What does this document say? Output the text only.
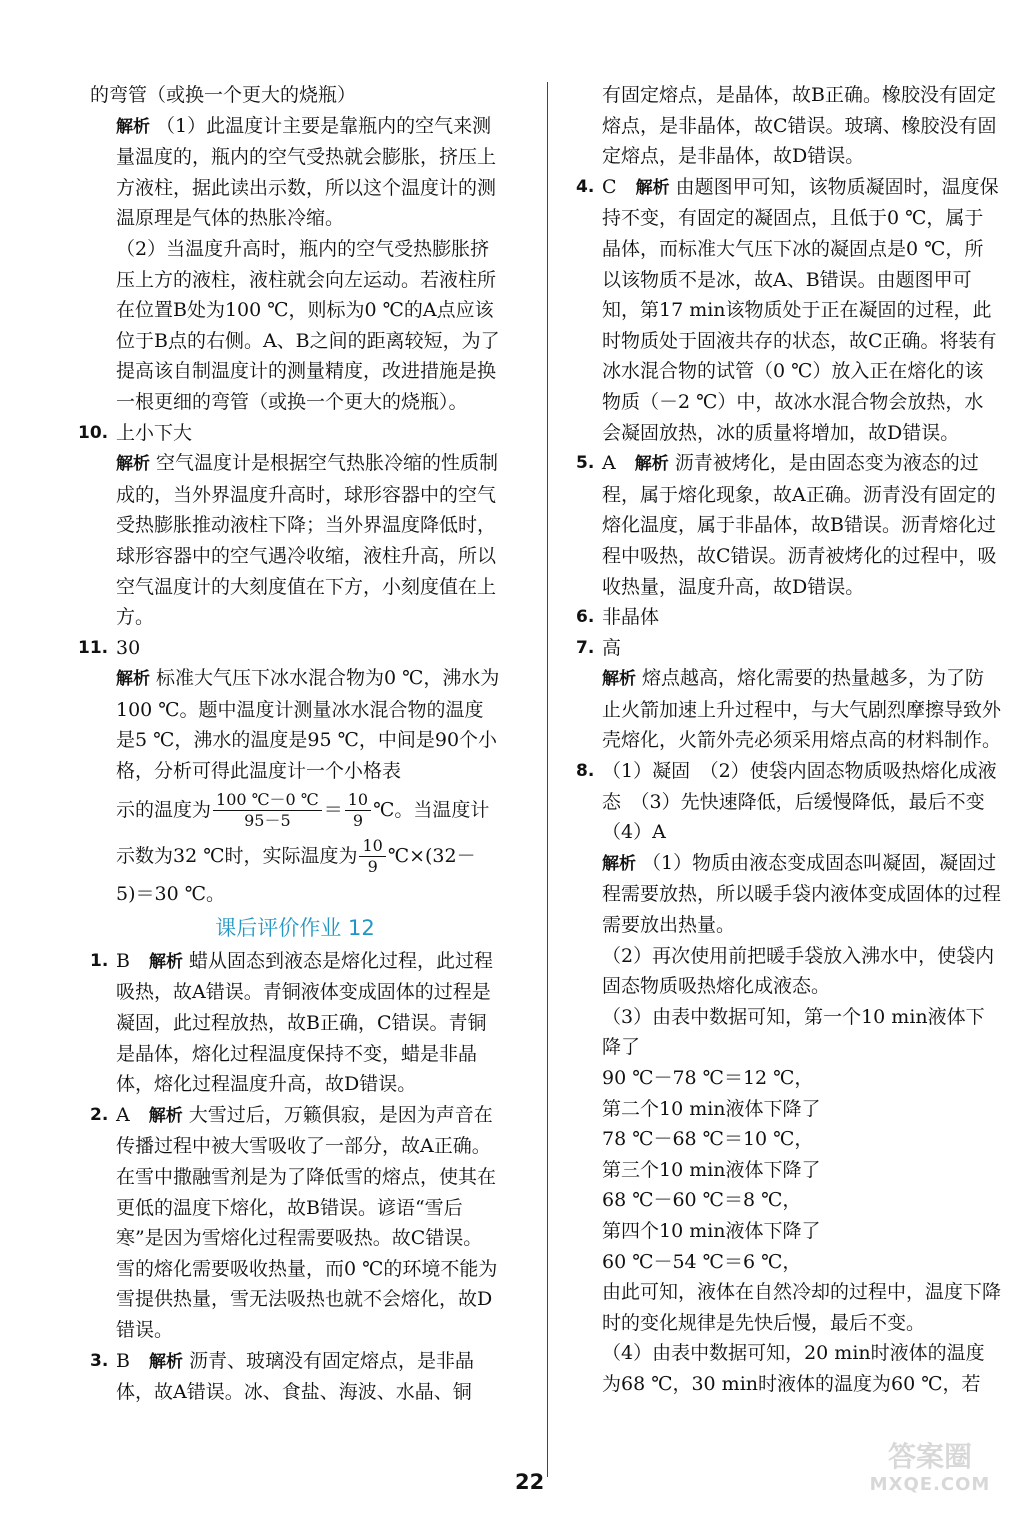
的弯管（或换一个更大的烧瓶）

解析 （1）此温度计主要是靠瓶内的空气来测量温度的，瓶内的空气受热就会膨胀，挤压上方液柱，据此读出示数，所以这个温度计的测温原理是气体的热胀冷缩。

（2）当温度升高时，瓶内的空气受热膨胀挤压上方的液柱，液柱就会向左运动。若液柱所在位置B处为100 ℃，则标为0 ℃的A点应该位于B点的右侧。A、B之间的距离较短，为了提高该自制温度计的测量精度，改进措施是换一根更细的弯管（或换一个更大的烧瓶）。

10. 上小下大

解析 空气温度计是根据空气热胀冷缩的性质制成的，当外界温度升高时，球形容器中的空气受热膨胀推动液柱下降；当外界温度降低时，球形容器中的空气遇冷收缩，液柱升高，所以空气温度计的大刻度值在下方，小刻度值在上方。

11. 30

解析 标准大气压下冰水混合物为0 ℃，沸水为100 ℃。题中温度计测量冰水混合物的温度是5 ℃，沸水的温度是95 ℃，中间是90个小格，分析可得此温度计一个小格表

示的温度为 $\frac{100 ℃-0 ℃}{95-5} = \frac{10}{9}$ ℃。当温度计

示数为32 ℃时，实际温度为 $\frac{10}{9}$ ℃×(32－

5)＝30 ℃。

课后评价作业 12
1. B　 解析 蜡从固态到液态是熔化过程，此过程吸热，故A错误。青铜液体变成固体的过程是凝固，此过程放热，故B正确，C错误。青铜是晶体，熔化过程温度保持不变，蜡是非晶体，熔化过程温度升高，故D错误。

2. A　 解析 大雪过后，万籁俱寂，是因为声音在传播过程中被大雪吸收了一部分，故A正确。在雪中撒融雪剂是为了降低雪的熔点，使其在更低的温度下熔化，故B错误。谚语“雪后寒”是因为雪熔化过程需要吸热。故C错误。雪的熔化需要吸收热量，而0 ℃的环境不能为雪提供热量，雪无法吸热也就不会熔化，故D错误。

3. B　 解析 沥青、玻璃没有固定熔点，是非晶体，故A错误。冰、食盐、海波、水晶、铜

有固定熔点，是晶体，故B正确。橡胶没有固定熔点，是非晶体，故C错误。玻璃、橡胶没有固定熔点，是非晶体，故D错误。

4. C　 解析 由题图甲可知，该物质凝固时，温度保持不变，有固定的凝固点，且低于0 ℃，属于晶体，而标准大气压下冰的凝固点是0 ℃，所以该物质不是冰，故A、B错误。由题图甲可知，第17 min该物质处于正在凝固的过程，此时物质处于固液共存的状态，故C正确。将装有冰水混合物的试管（0 ℃）放入正在熔化的该物质（－2 ℃）中，故冰水混合物会放热，水会凝固放热，冰的质量将增加，故D错误。

5. A　 解析 沥青被烤化，是由固态变为液态的过程，属于熔化现象，故A正确。沥青没有固定的熔化温度，属于非晶体，故B错误。沥青熔化过程中吸热，故C错误。沥青被烤化的过程中，吸收热量，温度升高，故D错误。

6. 非晶体

7. 高

解析 熔点越高，熔化需要的热量越多，为了防止火箭加速上升过程中，与大气剧烈摩擦导致外壳熔化，火箭外壳必须采用熔点高的材料制作。

8. （1）凝固　（2）使袋内固态物质吸热熔化成液态　（3）先快速降低，后缓慢降低，最后不变　（4）A

解析 （1）物质由液态变成固态叫凝固，凝固过程需要放热，所以暖手袋内液体变成固体的过程需要放出热量。

（2）再次使用前把暖手袋放入沸水中，使袋内固态物质吸热熔化成液态。

（3）由表中数据可知，第一个10 min液体下降了

90 ℃－78 ℃＝12 ℃，

第二个10 min液体下降了

78 ℃－68 ℃＝10 ℃，

第三个10 min液体下降了

68 ℃－60 ℃＝8 ℃，

第四个10 min液体下降了

60 ℃－54 ℃＝6 ℃，

由此可知，液体在自然冷却的过程中，温度下降时的变化规律是先快后慢，最后不变。

（4）由表中数据可知，20 min时液体的温度为68 ℃，30 min时液体的温度为60 ℃，若

22
答案圈
MXQE.COM
